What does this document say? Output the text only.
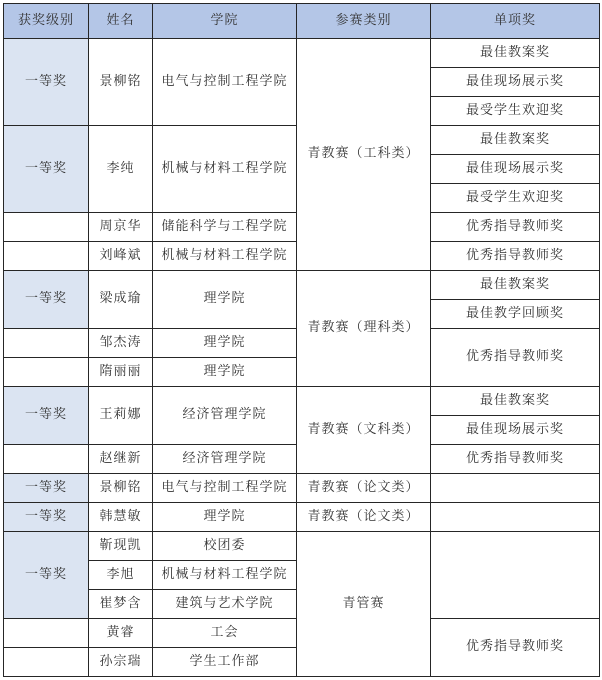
获奖级别	姓名	学院	参赛类别	单项奖
一等奖	景柳铭	电气与控制工程学院	青教赛（工科类）	最佳教案奖
				最佳现场展示奖
				最受学生欢迎奖
一等奖	李纯	机械与材料工程学院		最佳教案奖
				最佳现场展示奖
				最受学生欢迎奖
	周京华	储能科学与工程学院		优秀指导教师奖
	刘峰斌	机械与材料工程学院		优秀指导教师奖
一等奖	梁成瑜	理学院	青教赛（理科类）	最佳教案奖
				最佳教学回顾奖
	邹杰涛	理学院		优秀指导教师奖
	隋丽丽	理学院		
一等奖	王莉娜	经济管理学院	青教赛（文科类）	最佳教案奖
				最佳现场展示奖
	赵继新	经济管理学院		优秀指导教师奖
一等奖	景柳铭	电气与控制工程学院	青教赛（论文类）	
一等奖	韩慧敏	理学院	青教赛（论文类）	
一等奖	靳现凯	校团委	青管赛	
	李旭	机械与材料工程学院		
	崔梦含	建筑与艺术学院		
	黄睿	工会		优秀指导教师奖
	孙宗瑞	学生工作部		
